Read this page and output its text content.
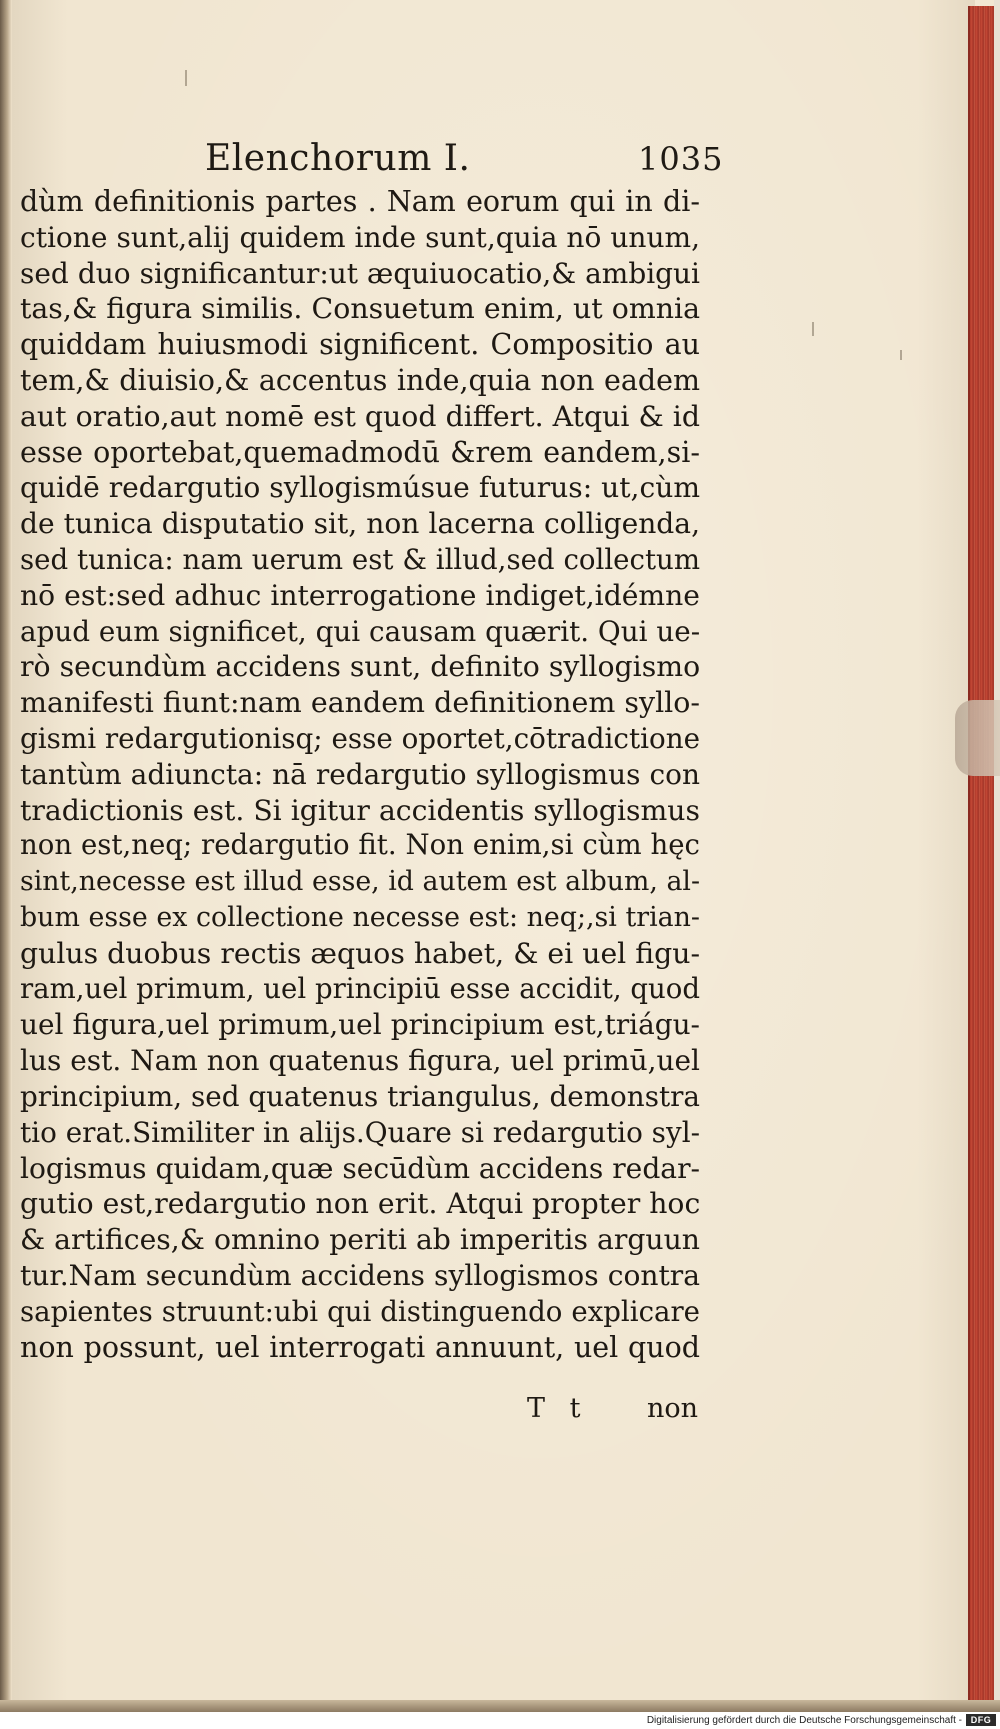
Elenchorum I.	1035
dùm definitionis partes . Nam eorum qui in di-
ctione sunt,alij quidem inde sunt,quia nō unum,
sed duo significantur:ut æquiuocatio,& ambigui
tas,& figura similis. Consuetum enim, ut omnia
quiddam huiusmodi significent. Compositio au
tem,& diuisio,& accentus inde,quia non eadem
aut oratio,aut nomē est quod differt. Atqui & id
esse oportebat,quemadmodū &rem eandem,si-
quidē redargutio syllogismúsue futurus: ut,cùm
de tunica disputatio sit, non lacerna colligenda,
sed tunica: nam uerum est & illud,sed collectum
nō est:sed adhuc interrogatione indiget,idémne
apud eum significet, qui causam quærit. Qui ue-
rò secundùm accidens sunt, definito syllogismo
manifesti fiunt:nam eandem definitionem syllo-
gismi redargutionisq; esse oportet,cōtradictione
tantùm adiuncta: nā redargutio syllogismus con
tradictionis est. Si igitur accidentis syllogismus
non est,neq; redargutio fit. Non enim,si cùm hęc
sint,necesse est illud esse, id autem est album, al-
bum esse ex collectione necesse est: neq;,si trian-
gulus duobus rectis æquos habet, & ei uel figu-
ram,uel primum, uel principiū esse accidit, quod
uel figura,uel primum,uel principium est,triágu-
lus est. Nam non quatenus figura, uel primū,uel
principium, sed quatenus triangulus, demonstra
tio erat.Similiter in alijs.Quare si redargutio syl-
logismus quidam,quæ secūdùm accidens redar-
gutio est,redargutio non erit. Atqui propter hoc
& artifices,& omnino periti ab imperitis arguun
tur.Nam secundùm accidens syllogismos contra
sapientes struunt:ubi qui distinguendo explicare
non possunt, uel interrogati annuunt, uel quod
T t non
Digitalisierung gefördert durch die Deutsche Forschungsgemeinschaft - DFG
